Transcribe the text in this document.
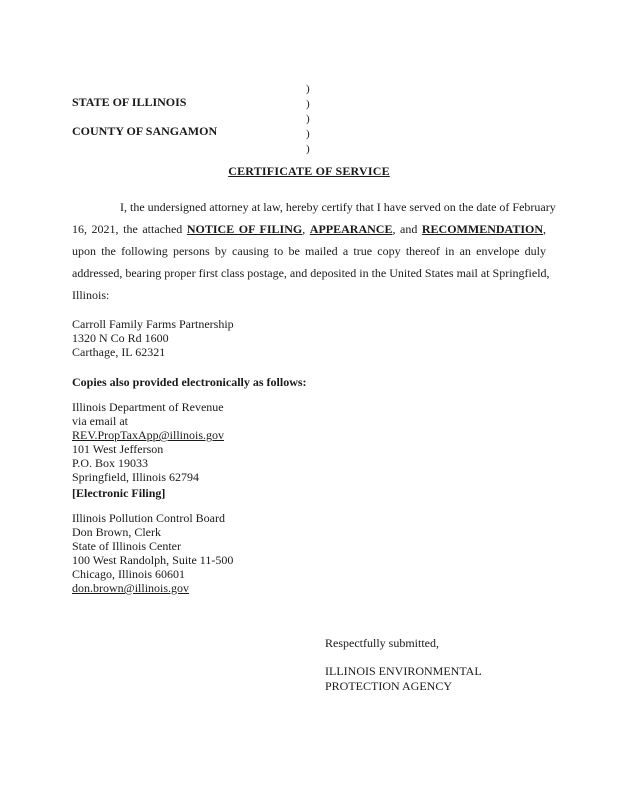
)
)
)
)
)
STATE OF ILLINOIS
COUNTY OF SANGAMON
CERTIFICATE OF SERVICE
I, the undersigned attorney at law, hereby certify that I have served on the date of February
16, 2021, the attached NOTICE OF FILING, APPEARANCE, and RECOMMENDATION,
upon the following persons by causing to be mailed a true copy thereof in an envelope duly
addressed, bearing proper first class postage, and deposited in the United States mail at Springfield,
Illinois:
Carroll Family Farms Partnership
1320 N Co Rd 1600
Carthage, IL 62321
Copies also provided electronically as follows:
Illinois Department of Revenue
via email at
REV.PropTaxApp@illinois.gov
101 West Jefferson
P.O. Box 19033
Springfield, Illinois 62794
[Electronic Filing]
Illinois Pollution Control Board
Don Brown, Clerk
State of Illinois Center
100 West Randolph, Suite 11-500
Chicago, Illinois 60601
don.brown@illinois.gov
Respectfully submitted,
ILLINOIS ENVIRONMENTAL
PROTECTION AGENCY
